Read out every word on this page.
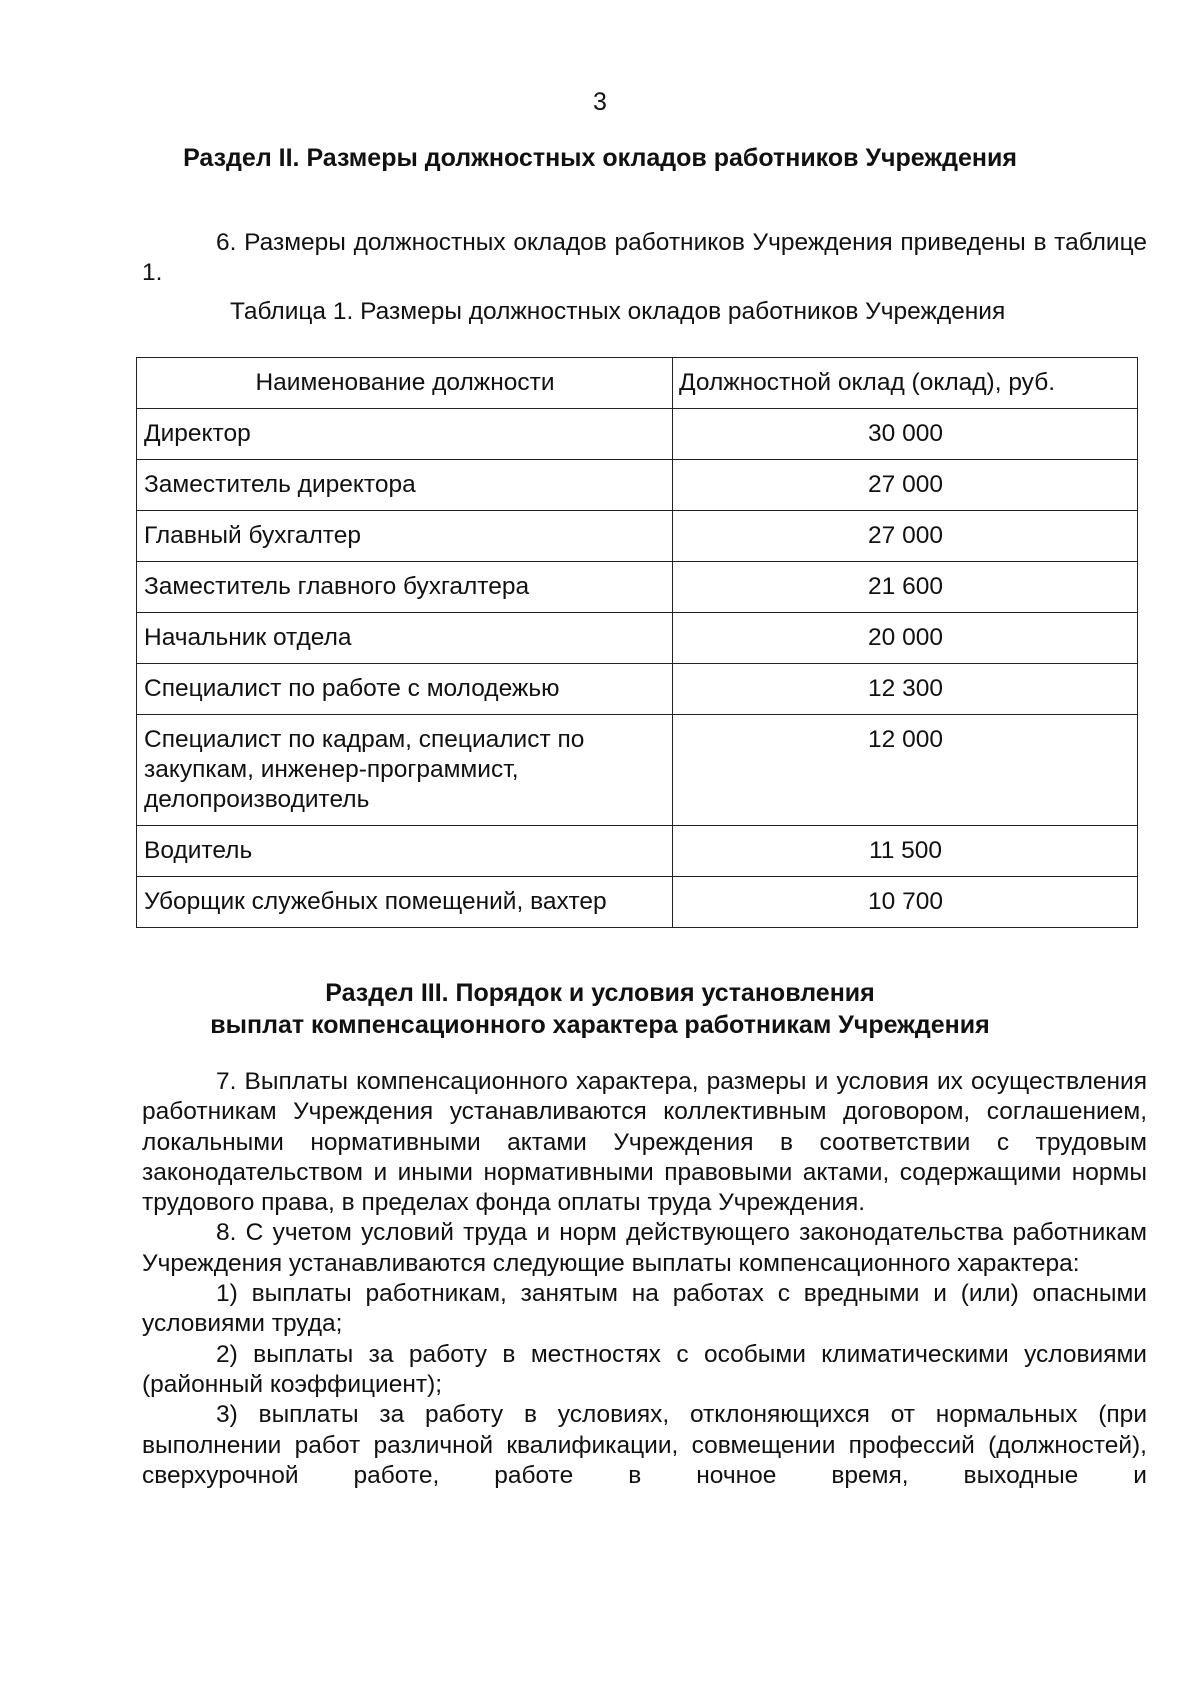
3
Раздел II. Размеры должностных окладов работников Учреждения

6. Размеры должностных окладов работников Учреждения приведены в таблице 1.

Таблица 1. Размеры должностных окладов работников Учреждения
Наименование должности	Должностной оклад (оклад), руб.
Директор	30 000
Заместитель директора	27 000
Главный бухгалтер	27 000
Заместитель главного бухгалтера	21 600
Начальник отдела	20 000
Специалист по работе с молодежью	12 300
Специалист по кадрам, специалист по закупкам, инженер-программист, делопроизводитель	12 000
Водитель	11 500
Уборщик служебных помещений, вахтер	10 700
Раздел III. Порядок и условия установления
выплат компенсационного характера работникам Учреждения

7. Выплаты компенсационного характера, размеры и условия их осуществления работникам Учреждения устанавливаются коллективным договором, соглашением, локальными нормативными актами Учреждения в соответствии с трудовым законодательством и иными нормативными правовыми актами, содержащими нормы трудового права, в пределах фонда оплаты труда Учреждения.

8. С учетом условий труда и норм действующего законодательства работникам Учреждения устанавливаются следующие выплаты компенсационного характера:

1) выплаты работникам, занятым на работах с вредными и (или) опасными условиями труда;

2) выплаты за работу в местностях с особыми климатическими условиями (районный коэффициент);

3) выплаты за работу в условиях, отклоняющихся от нормальных (при выполнении работ различной квалификации, совмещении профессий (должностей), сверхурочной работе, работе в ночное время, выходные и
